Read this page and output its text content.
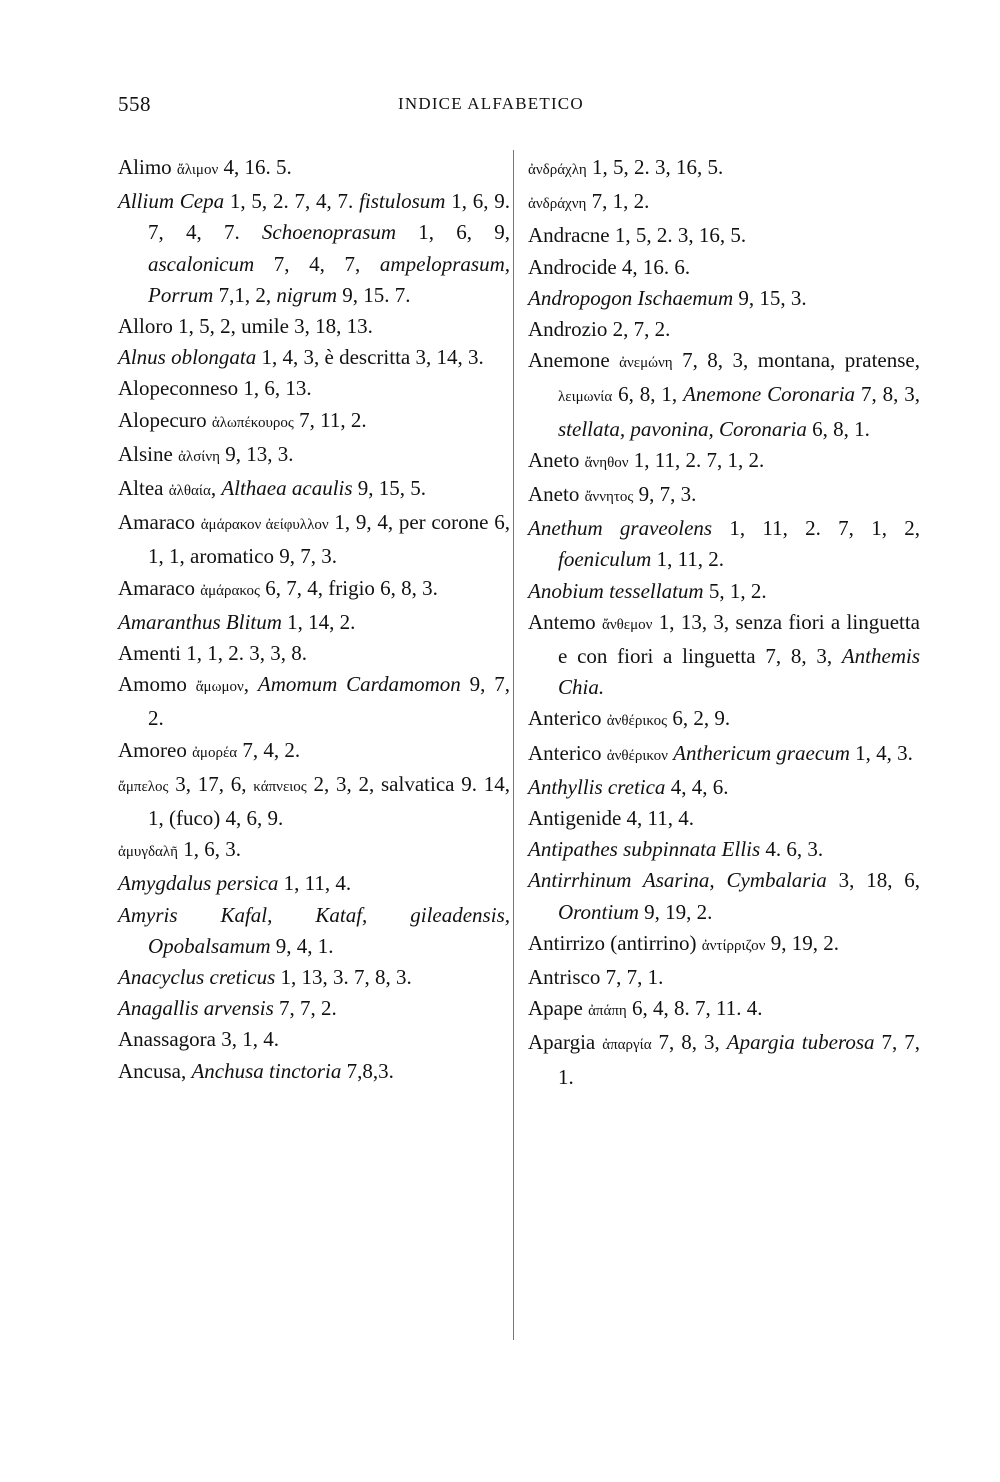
558	INDICE ALFABETICO
Alimo ἄλιμον 4, 16. 5.
Allium Cepa 1, 5, 2. 7, 4, 7. fistulosum 1, 6, 9. 7, 4, 7. Schoenoprasum 1, 6, 9, ascalonicum 7, 4, 7, ampeloprasum, Porrum 7,1, 2, nigrum 9, 15. 7.
Alloro 1, 5, 2, umile 3, 18, 13.
Alnus oblongata 1, 4, 3, è descritta 3, 14, 3.
Alopeconneso 1, 6, 13.
Alopecuro ἀλωπέκουρος 7, 11, 2.
Alsine ἀλσίνη 9, 13, 3.
Altea ἀλθαία, Althaea acaulis 9, 15, 5.
Amaraco ἀμάρακον ἀείφυλλον 1, 9, 4, per corone 6, 1, 1, aromatico 9, 7, 3.
Amaraco ἀμάρακος 6, 7, 4, frigio 6, 8, 3.
Amaranthus Blitum 1, 14, 2.
Amenti 1, 1, 2. 3, 3, 8.
Amomo ἄμωμον, Amomum Cardamomon 9, 7, 2.
Amoreo ἀμορέα 7, 4, 2.
ἄμπελος 3, 17, 6, κάπνειος 2, 3, 2, salvatica 9. 14, 1, (fuco) 4, 6, 9.
ἀμυγδαλῆ 1, 6, 3.
Amygdalus persica 1, 11, 4.
Amyris Kafal, Kataf, gileadensis, Opobalsamum 9, 4, 1.
Anacyclus creticus 1, 13, 3. 7, 8, 3.
Anagallis arvensis 7, 7, 2.
Anassagora 3, 1, 4.
Ancusa, Anchusa tinctoria 7,8,3.
ἀνδράχλη 1, 5, 2. 3, 16, 5.
ἀνδράχνη 7, 1, 2.
Andracne 1, 5, 2. 3, 16, 5.
Androcide 4, 16. 6.
Andropogon Ischaemum 9, 15, 3.
Androzio 2, 7, 2.
Anemone ἀνεμώνη 7, 8, 3, montana, pratense, λειμωνία 6, 8, 1, Anemone Coronaria 7, 8, 3, stellata, pavonina, Coronaria 6, 8, 1.
Aneto ἄνηθον 1, 11, 2. 7, 1, 2.
Aneto ἄννητος 9, 7, 3.
Anethum graveolens 1, 11, 2. 7, 1, 2, foeniculum 1, 11, 2.
Anobium tessellatum 5, 1, 2.
Antemo ἄνθεμον 1, 13, 3, senza fiori a linguetta e con fiori a linguetta 7, 8, 3, Anthemis Chia.
Anterico ἀνθέρικος 6, 2, 9.
Anterico ἀνθέρικον Anthericum graecum 1, 4, 3.
Anthyllis cretica 4, 4, 6.
Antigenide 4, 11, 4.
Antipathes subpinnata Ellis 4. 6, 3.
Antirrhinum Asarina, Cymbalaria 3, 18, 6, Orontium 9, 19, 2.
Antirrizo (antirrino) ἀντίρριζον 9, 19, 2.
Antrisco 7, 7, 1.
Apape ἀπάπη 6, 4, 8. 7, 11. 4.
Apargia ἀπαργία 7, 8, 3, Apargia tuberosa 7, 7, 1.
